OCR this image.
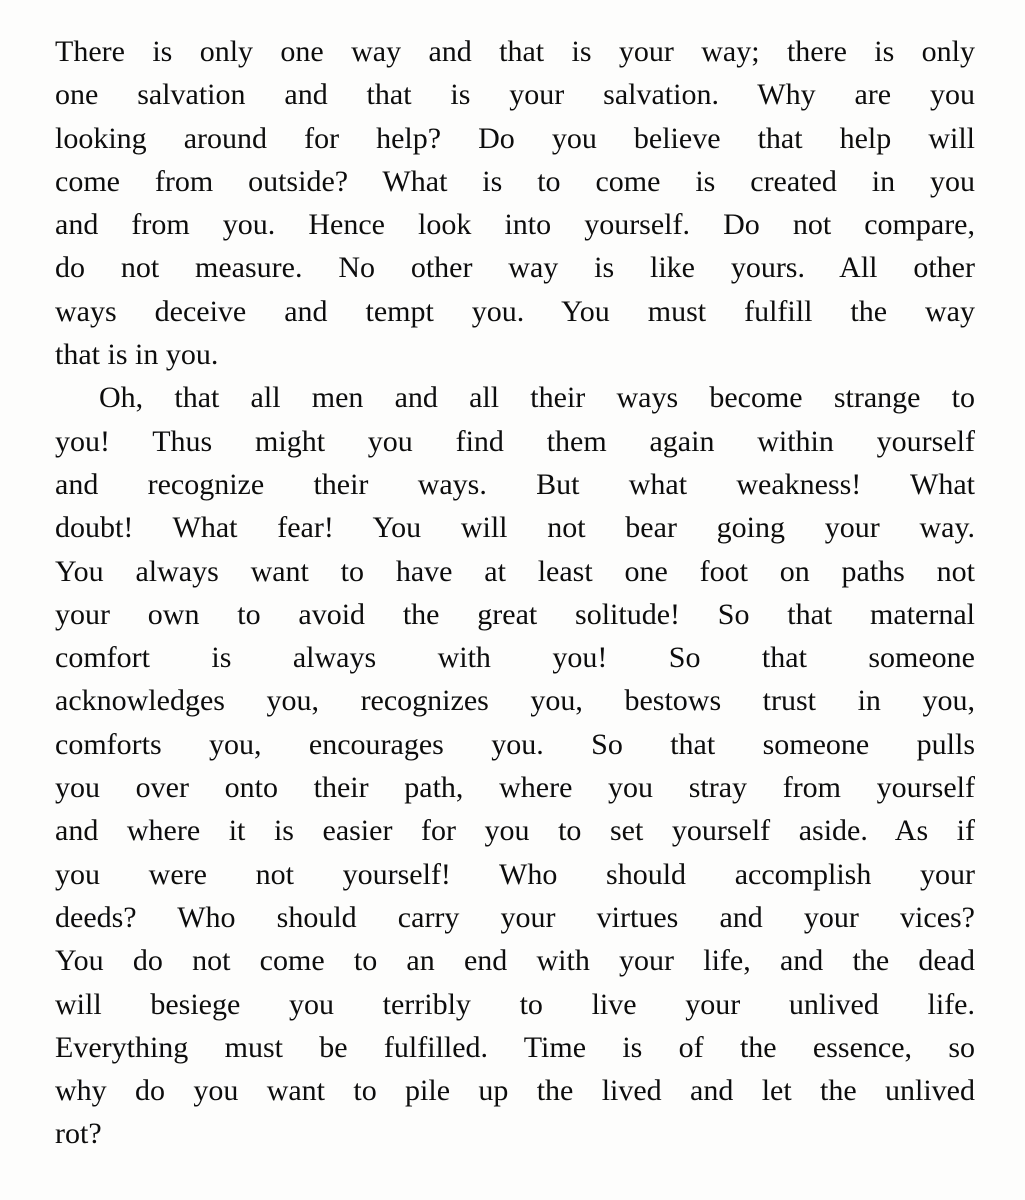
There is only one way and that is your way; there is only
one salvation and that is your salvation. Why are you
looking around for help? Do you believe that help will
come from outside? What is to come is created in you
and from you. Hence look into yourself. Do not compare,
do not measure. No other way is like yours. All other
ways deceive and tempt you. You must fulfill the way
that is in you.
Oh, that all men and all their ways become strange to
you! Thus might you find them again within yourself
and recognize their ways. But what weakness! What
doubt! What fear! You will not bear going your way.
You always want to have at least one foot on paths not
your own to avoid the great solitude! So that maternal
comfort is always with you! So that someone
acknowledges you, recognizes you, bestows trust in you,
comforts you, encourages you. So that someone pulls
you over onto their path, where you stray from yourself
and where it is easier for you to set yourself aside. As if
you were not yourself! Who should accomplish your
deeds? Who should carry your virtues and your vices?
You do not come to an end with your life, and the dead
will besiege you terribly to live your unlived life.
Everything must be fulfilled. Time is of the essence, so
why do you want to pile up the lived and let the unlived
rot?
